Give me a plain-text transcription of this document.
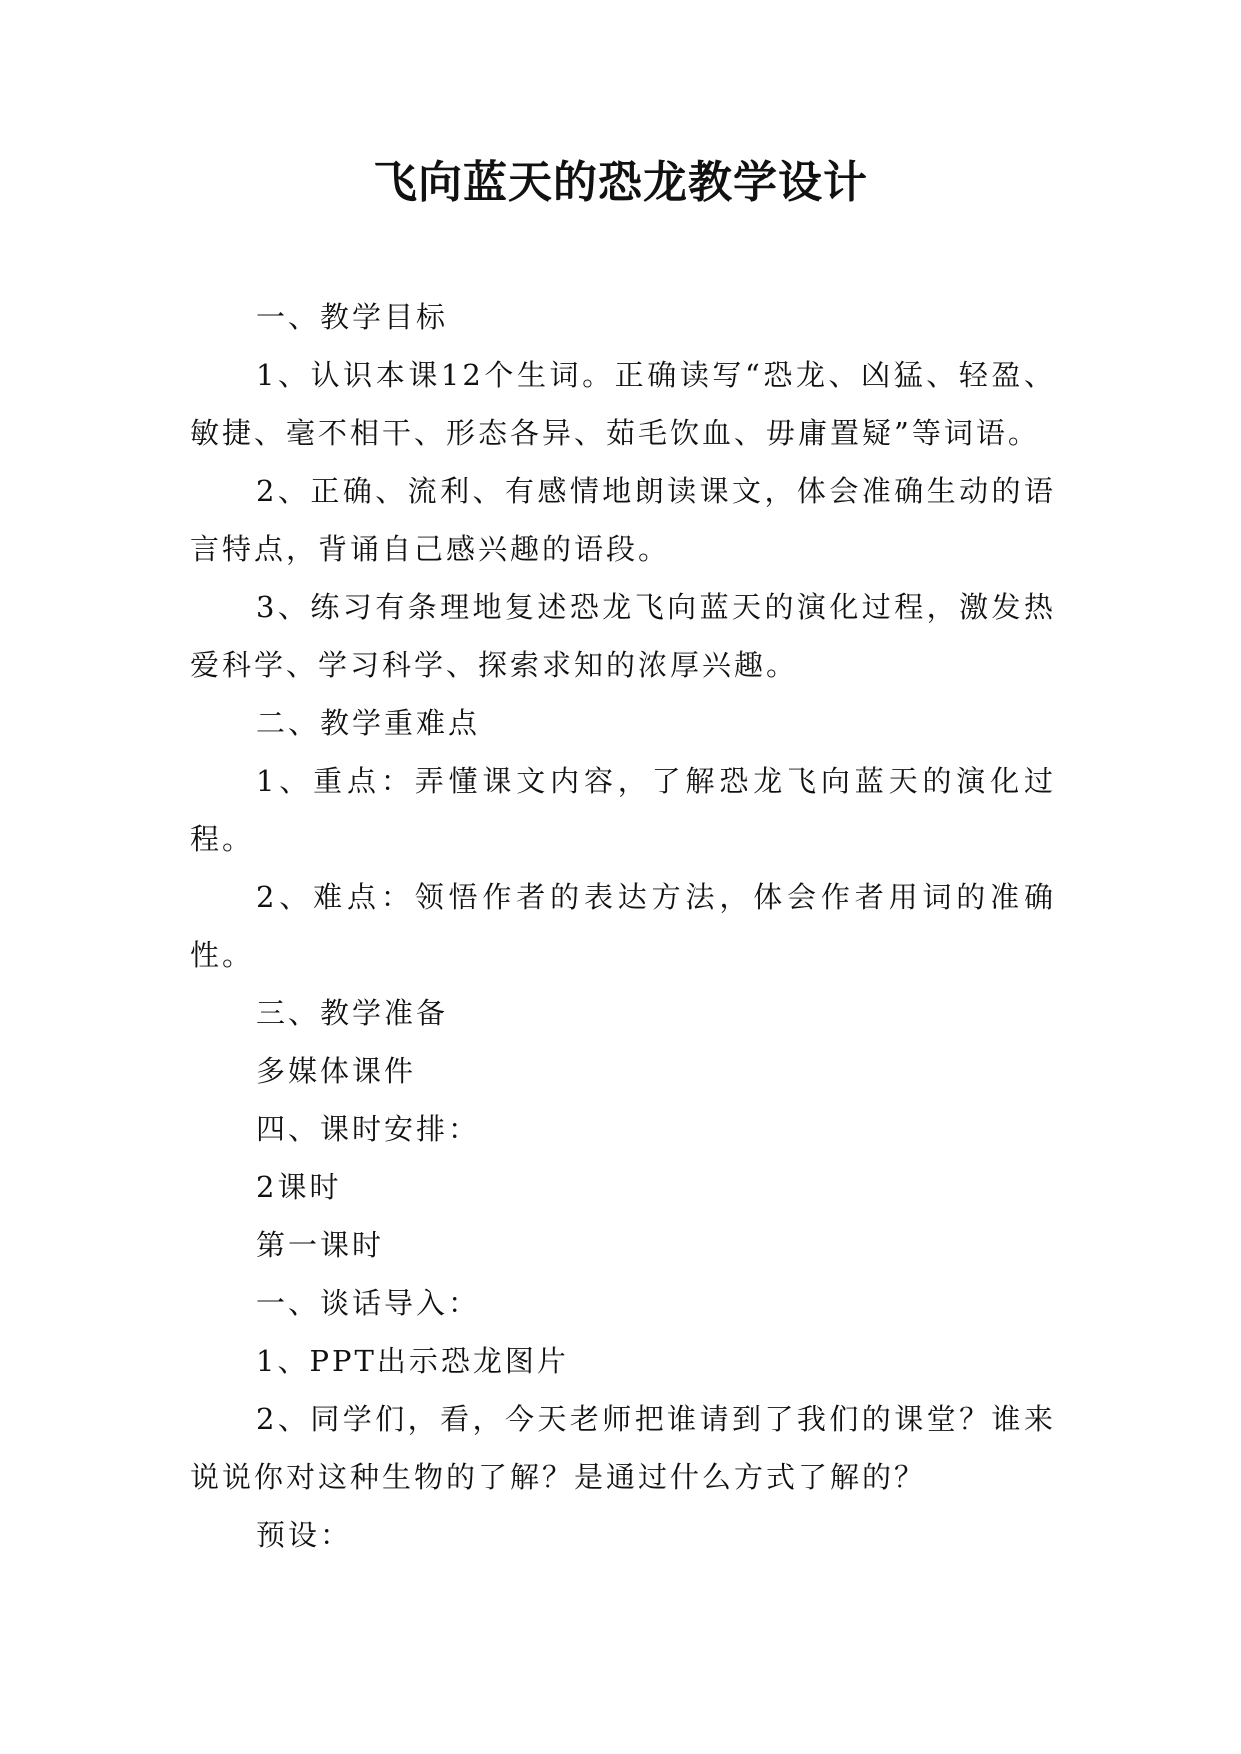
飞向蓝天的恐龙教学设计

一、教学目标

1、认识本课12个生词。正确读写“恐龙、凶猛、轻盈、敏捷、毫不相干、形态各异、茹毛饮血、毋庸置疑”等词语。

2、正确、流利、有感情地朗读课文，体会准确生动的语言特点，背诵自己感兴趣的语段。

3、练习有条理地复述恐龙飞向蓝天的演化过程，激发热爱科学、学习科学、探索求知的浓厚兴趣。

二、教学重难点

1、重点：弄懂课文内容，了解恐龙飞向蓝天的演化过程。

2、难点：领悟作者的表达方法，体会作者用词的准确性。

三、教学准备

多媒体课件

四、课时安排：

2课时

第一课时

一、谈话导入：

1、PPT出示恐龙图片

2、同学们，看，今天老师把谁请到了我们的课堂？谁来说说你对这种生物的了解？是通过什么方式了解的？

预设：
